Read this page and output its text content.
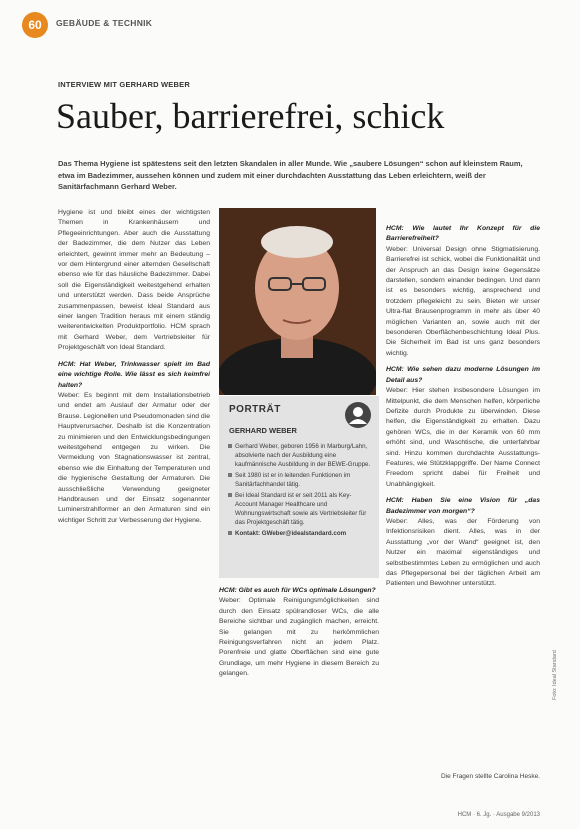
60 GEBÄUDE & TECHNIK
INTERVIEW MIT GERHARD WEBER
Sauber, barrierefrei, schick
Das Thema Hygiene ist spätestens seit den letzten Skandalen in aller Munde. Wie „saubere Lösungen“ schon auf kleinstem Raum, etwa im Badezimmer, aussehen können und zudem mit einer durchdachten Ausstattung das Leben erleichtern, weiß der Sanitärfachmann Gerhard Weber.

Hygiene ist und bleibt eines der wichtigsten Themen in Krankenhäusern und Pflegeeinrichtungen. Aber auch die Ausstattung der Badezimmer, die dem Nutzer das Leben erleichtert, gewinnt immer mehr an Bedeutung – vor dem Hintergrund einer alternden Gesellschaft ebenso wie für das häusliche Badezimmer. Dabei soll die Eigenständigkeit weitestgehend erhalten und unterstützt werden. Dass beide Ansprüche zusammenpassen, beweist Ideal Standard aus einer langen Tradition heraus mit einem ständig weiterentwickelten Produktportfolio. HCM sprach mit Gerhard Weber, dem Vertriebsleiter für Projektgeschäft von Ideal Standard.

HCM: Hat Weber, Trinkwasser spielt im Bad eine wichtige Rolle. Wie lässt es sich keimfrei halten?

Weber: Es beginnt mit dem Installationsbetrieb und endet am Auslauf der Armatur oder der Brause. Legionellen und Pseudomonaden sind die Hauptverursacher. Deshalb ist die Konzentration zu minimieren und den Entwicklungsbedingungen weitestgehend entgegen zu wirken. Die Vermeidung von Stagnationswasser ist zentral, ebenso wie die Einhaltung der Temperaturen und die hygienische Gestaltung der Armaturen. Die ausschließliche Verwendung geeigneter Handbrausen und der Einsatz sogenannter Luminerstrahlformer an den Armaturen sind ein wichtiger Schritt zur Verbesserung der Hygiene.

PORTRÄT
GERHARD WEBER
Gerhard Weber, geboren 1956 in Marburg/Lahn, absolvierte nach der Ausbildung eine kaufmännische Ausbildung in der BEWE-Gruppe.
Seit 1980 ist er in leitenden Funktionen im Sanitärfachhandel tätig.
Bei Ideal Standard ist er seit 2011 als Key-Account Manager Healthcare und Wohnungswirtschaft sowie als Vertriebsleiter für das Projektgeschäft tätig.
Kontakt: GWeber@idealstandard.com

HCM: Gibt es auch für WCs optimale Lösungen?

Weber: Optimale Reinigungsmöglichkeiten sind durch den Einsatz spülrandloser WCs, die alle Bereiche sichtbar und zugänglich machen, erreicht. Sie gelangen mit zu herkömmlichen Reinigungsverfahren nicht an jedem Platz. Porenfreie und glatte Oberflächen sind eine gute Grundlage, um mehr Hygiene in diesem Bereich zu gelangen.

HCM: Wie lautet Ihr Konzept für die Barrierefreiheit?

Weber: Universal Design ohne Stigmatisierung. Barrierefrei ist schick, wobei die Funktionalität und der Anspruch an das Design keine Gegensätze darstellen, sondern einander bedingen. Und dann ist es besonders wichtig, ansprechend und trotzdem pflegeleicht zu sein. Bieten wir unser Ultra-flat Brausenprogramm in mehr als über 40 möglichen Varianten an, sowie auch mit der besonderen Oberflächenbeschichtung Ideal Plus. Die Sicherheit im Bad ist uns ganz besonders wichtig.

HCM: Wie sehen dazu moderne Lösungen im Detail aus?

Weber: Hier stehen insbesondere Lösungen im Mittelpunkt, die dem Menschen helfen, körperliche Defizite durch Produkte zu überwinden. Diese helfen, die Eigenständigkeit zu erhalten. Dazu gehören WCs, die in der Keramik von 60 mm erhöht sind, und Waschtische, die unterfahrbar sind. Hinzu kommen durchdachte Ausstattungs-Features, wie Stützklappgriffe. Der Name Connect Freedom spricht dabei für Freiheit und Unabhängigkeit.

HCM: Haben Sie eine Vision für „das Badezimmer von morgen“?

Weber: Alles, was der Förderung von Infektionsrisiken dient. Alles, was in der Ausstattung „vor der Wand“ geeignet ist, den Nutzer ein maximal eigenständiges und selbstbestimmtes Leben zu ermöglichen und auch das Pflegepersonal bei der täglichen Arbeit am Patienten und Bewohner unterstützt.

Die Fragen stellte Carolina Heske.
Foto: Ideal Standard
HCM · 6. Jg. · Ausgabe 9/2013
